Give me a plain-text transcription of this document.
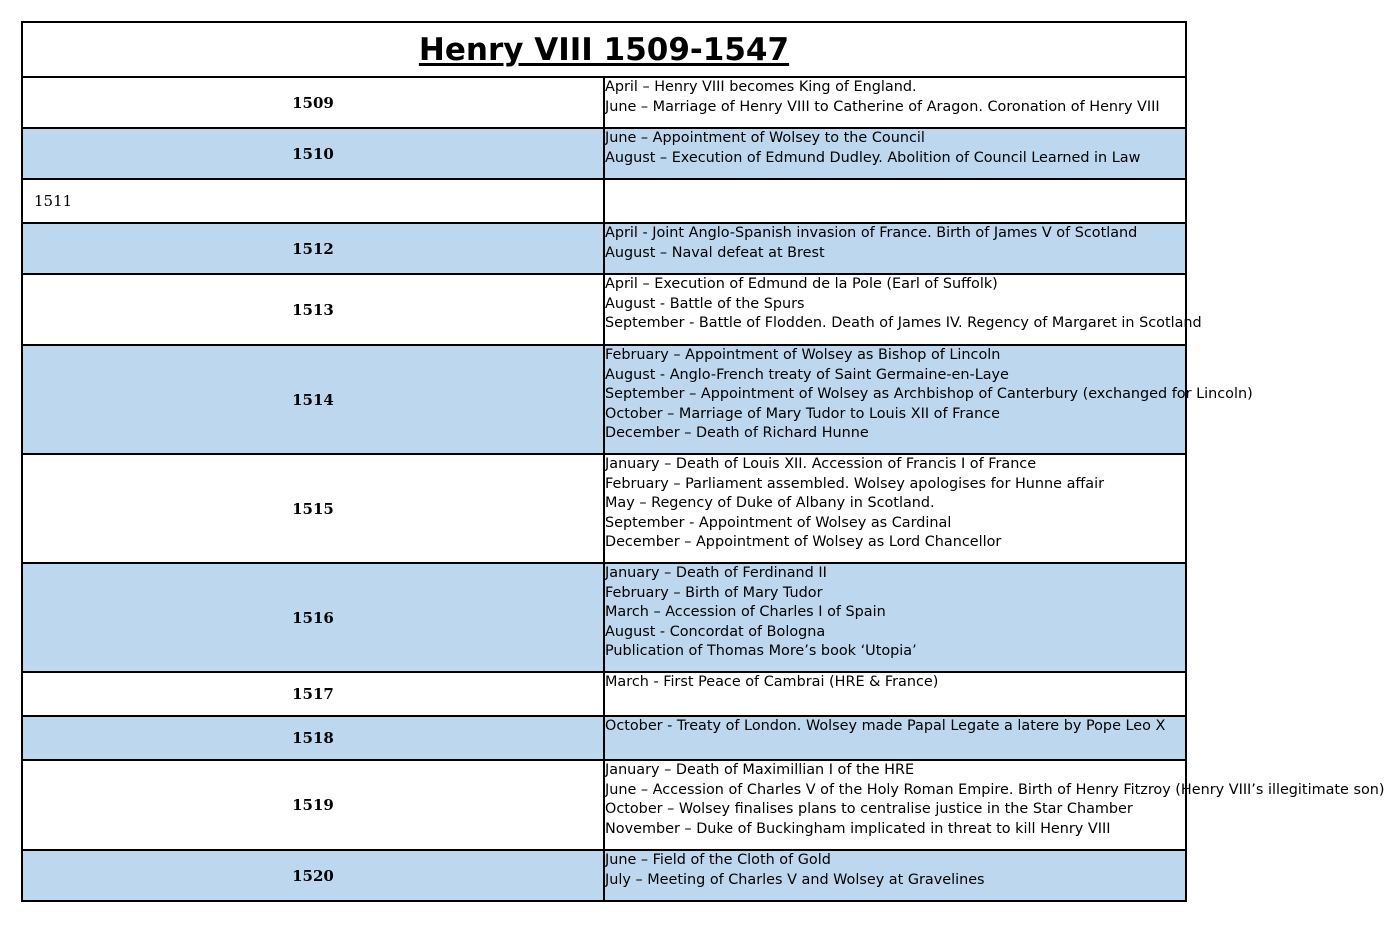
Henry VIII 1509-1547	
1509	April – Henry VIII becomes King of England.
June – Marriage of Henry VIII to Catherine of Aragon. Coronation of Henry VIII

1510	June – Appointment of Wolsey to the Council
August – Execution of Edmund Dudley. Abolition of Council Learned in Law

1511	
1512	April - Joint Anglo-Spanish invasion of France. Birth of James V of Scotland
August – Naval defeat at Brest

1513	April – Execution of Edmund de la Pole (Earl of Suffolk)
August - Battle of the Spurs
September - Battle of Flodden. Death of James IV. Regency of Margaret in Scotland

1514	February – Appointment of Wolsey as Bishop of Lincoln
August - Anglo-French treaty of Saint Germaine-en-Laye
September – Appointment of Wolsey as Archbishop of Canterbury (exchanged for Lincoln)
October – Marriage of Mary Tudor to Louis XII of France
December – Death of Richard Hunne

1515	January – Death of Louis XII. Accession of Francis I of France
February – Parliament assembled. Wolsey apologises for Hunne affair
May – Regency of Duke of Albany in Scotland.
September - Appointment of Wolsey as Cardinal
December – Appointment of Wolsey as Lord Chancellor

1516	January – Death of Ferdinand II
February – Birth of Mary Tudor
March – Accession of Charles I of Spain
August - Concordat of Bologna
Publication of Thomas More’s book ‘Utopia’

1517	March - First Peace of Cambrai (HRE & France)

1518	October - Treaty of London. Wolsey made Papal Legate a latere by Pope Leo X

1519	January – Death of Maximillian I of the HRE
June – Accession of Charles V of the Holy Roman Empire. Birth of Henry Fitzroy (Henry VIII’s illegitimate son)
October – Wolsey finalises plans to centralise justice in the Star Chamber
November – Duke of Buckingham implicated in threat to kill Henry VIII

1520	June – Field of the Cloth of Gold
July – Meeting of Charles V and Wolsey at Gravelines
